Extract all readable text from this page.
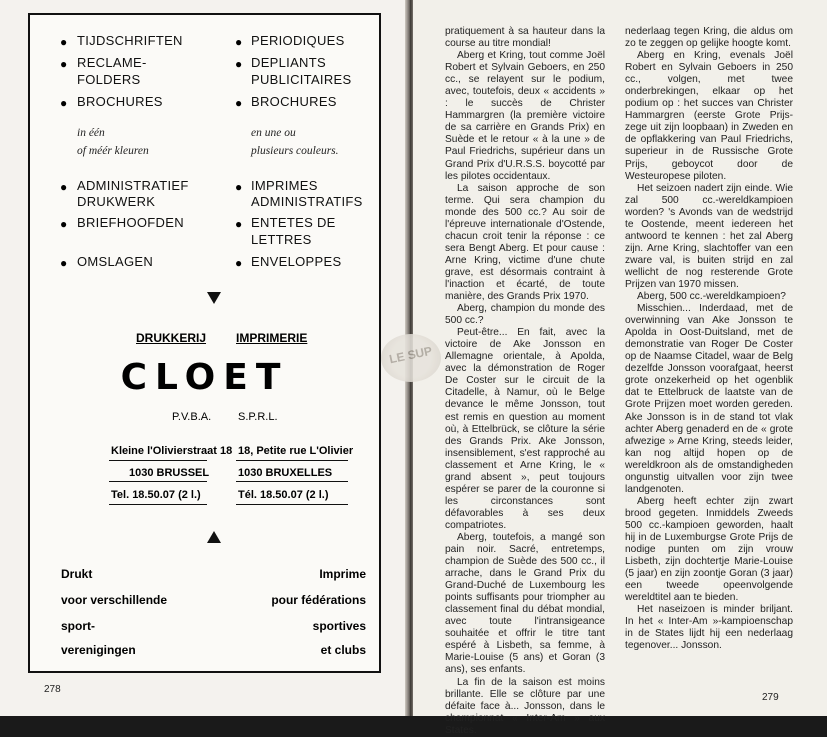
● TIJDSCHRIFTEN
● RECLAME-
FOLDERS
● BROCHURES
in één
of méér kleuren
● ADMINISTRATIEF
DRUKWERK
● BRIEFHOOFDEN
● OMSLAGEN
● PERIODIQUES
● DEPLIANTS
PUBLICITAIRES
● BROCHURES
en une ou
plusieurs couleurs.
● IMPRIMES
ADMINISTRATIFS
● ENTETES DE
LETTRES
● ENVELOPPES
DRUKKERIJ IMPRIMERIE
CLOET
P.V.B.A. S.P.R.L.
Kleine l'Olivierstraat 18 18, Petite rue L'Olivier
1030 BRUSSEL	1030 BRUXELLES
Tel. 18.50.07 (2 l.)	Tél. 18.50.07 (2 l.)
Drukt
voor verschillende
sport-
verenigingen
Imprime
pour fédérations
sportives
et clubs
278

pratiquement à sa hauteur dans la course au titre mondial!

Aberg et Kring, tout comme Joël Robert et Sylvain Geboers, en 250 cc., se relayent sur le podium, avec, toutefois, deux « accidents » : le succès de Christer Hammargren (la première victoire de sa carrière en Grands Prix) en Suède et le retour « à la une » de Paul Friedrichs, supérieur dans un Grand Prix d'U.R.S.S. boycotté par les pilotes occidentaux.

La saison approche de son terme. Qui sera champion du monde des 500 cc.? Au soir de l'épreuve internationale d'Ostende, chacun croit tenir la réponse : ce sera Bengt Aberg. Et pour cause : Arne Kring, victime d'une chute grave, est désormais contraint à l'inaction et écarté, de toute manière, des Grands Prix 1970.

Aberg, champion du monde des 500 cc.?

Peut-être... En fait, avec la victoire de Ake Jonsson en Allemagne orientale, à Apolda, avec la démonstration de Roger De Coster sur le circuit de la Citadelle, à Namur, où le Belge devance le même Jonsson, tout est remis en question au moment où, à Ettelbrück, se clôture la série des Grands Prix. Ake Jonsson, insensiblement, s'est rapproché au classement et Arne Kring, le « grand absent », peut toujours espérer se parer de la couronne si les circonstances sont défavorables à ses deux compatriotes.

Aberg, toutefois, a mangé son pain noir. Sacré, entretemps, champion de Suède des 500 cc., il arrache, dans le Grand Prix du Grand-Duché de Luxembourg les points suffisants pour triompher au classement final du débat mondial, avec toute l'intransigeance souhaitée et offrir le titre tant espéré à Lisbeth, sa femme, à Marie-Louise (5 ans) et Goran (3 ans), ses enfants.

La fin de la saison est moins brillante. Elle se clôture par une défaite face à... Jonsson, dans le championnat « Inter-Am » aux States.

nederlaag tegen Kring, die aldus om zo te zeggen op gelijke hoogte komt.

Aberg en Kring, evenals Joël Robert en Sylvain Geboers in 250 cc., volgen, met twee onderbrekingen, elkaar op het podium op : het succes van Christer Hammargren (eerste Grote Prijs-zege uit zijn loopbaan) in Zweden en de opflakkering van Paul Friedrichs, superieur in de Russische Grote Prijs, geboycot door de Westeuropese piloten.

Het seizoen nadert zijn einde. Wie zal 500 cc.-wereldkampioen worden? 's Avonds van de wedstrijd te Oostende, meent iedereen het antwoord te kennen : het zal Aberg zijn. Arne Kring, slachtoffer van een zware val, is buiten strijd en zal wellicht de nog resterende Grote Prijzen van 1970 missen.

Aberg, 500 cc.-wereldkampioen?

Misschien... Inderdaad, met de overwinning van Ake Jonsson te Apolda in Oost-Duitsland, met de demonstratie van Roger De Coster op de Naamse Citadel, waar de Belg dezelfde Jonsson voorafgaat, heerst grote onzekerheid op het ogenblik dat te Ettelbruck de laatste van de Grote Prijzen moet worden gereden. Ake Jonsson is in de stand tot vlak achter Aberg genaderd en de « grote afwezige » Arne Kring, steeds leider, kan nog altijd hopen op de wereldkroon als de omstandigheden ongunstig uitvallen voor zijn twee landgenoten.

Aberg heeft echter zijn zwart brood gegeten. Inmiddels Zweeds 500 cc.-kampioen geworden, haalt hij in de Luxemburgse Grote Prijs de nodige punten om zijn vrouw Lisbeth, zijn dochtertje Marie-Louise (5 jaar) en zijn zoontje Goran (3 jaar) een tweede opeenvolgende wereldtitel aan te bieden.

Het naseizoen is minder briljant. In het « Inter-Am »-kampioenschap in de States lijdt hij een nederlaag tegenover... Jonsson.

279
LE SUP
